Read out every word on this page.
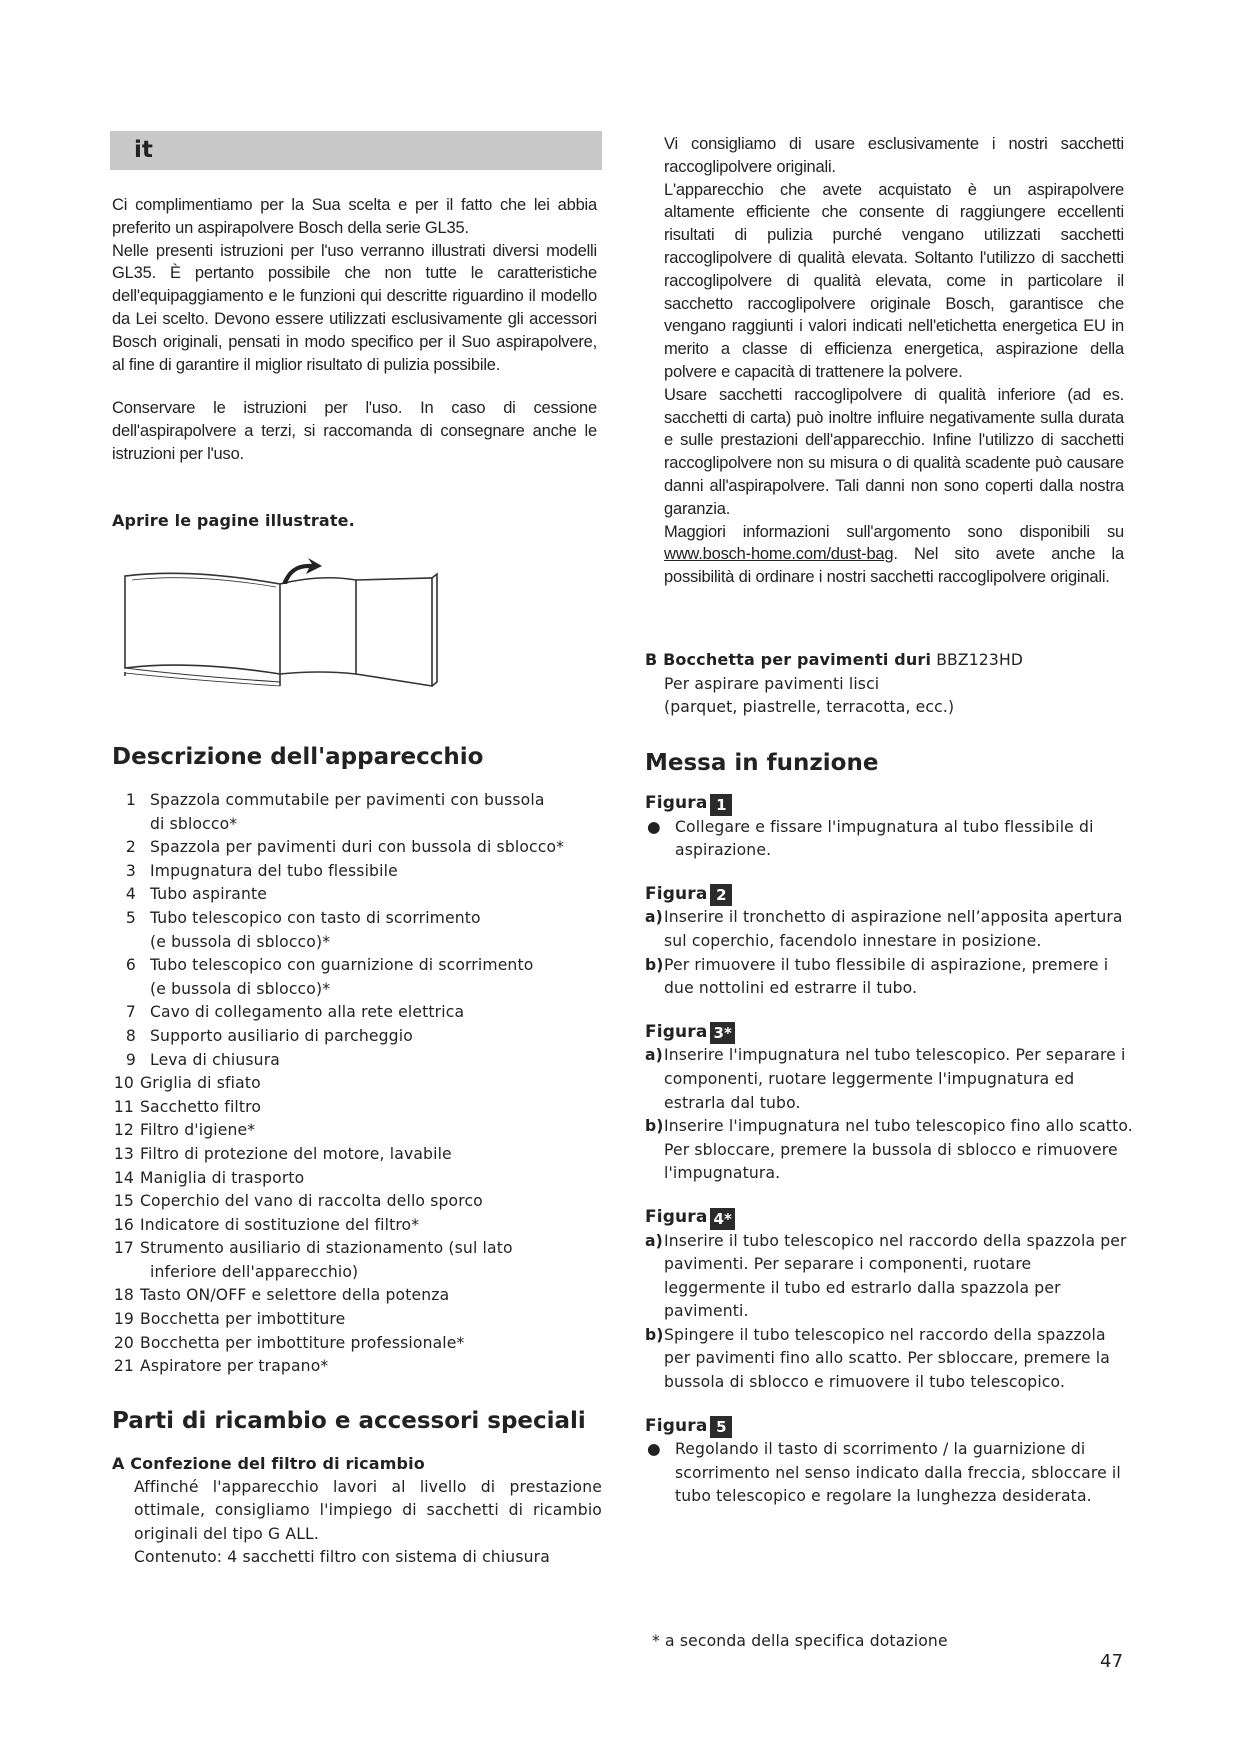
it

Ci complimentiamo per la Sua scelta e per il fatto che lei abbia preferito un aspirapolvere Bosch della serie GL35.

Nelle presenti istruzioni per l'uso verranno illustrati diversi modelli GL35. È pertanto possibile che non tutte le caratteristiche dell'equipaggiamento e le funzioni qui descritte riguardino il modello da Lei scelto. Devono essere utilizzati esclusivamente gli accessori Bosch originali, pensati in modo specifico per il Suo aspirapolvere, al fine di garantire il miglior risultato di pulizia possibile.

Conservare le istruzioni per l'uso. In caso di cessione dell'aspirapolvere a terzi, si raccomanda di consegnare anche le istruzioni per l'uso.

Aprire le pagine illustrate.
Descrizione dell'apparecchio
1 Spazzola commutabile per pavimenti con bussola
di sblocco*
2 Spazzola per pavimenti duri con bussola di sblocco*
3 Impugnatura del tubo flessibile
4 Tubo aspirante
5 Tubo telescopico con tasto di scorrimento
(e bussola di sblocco)*
6 Tubo telescopico con guarnizione di scorrimento
(e bussola di sblocco)*
7 Cavo di collegamento alla rete elettrica
8 Supporto ausiliario di parcheggio
9 Leva di chiusura
10 Griglia di sfiato
11 Sacchetto filtro
12 Filtro d'igiene*
13 Filtro di protezione del motore, lavabile
14 Maniglia di trasporto
15 Coperchio del vano di raccolta dello sporco
16 Indicatore di sostituzione del filtro*
17 Strumento ausiliario di stazionamento (sul lato
inferiore dell'apparecchio)
18 Tasto ON/OFF e selettore della potenza
19 Bocchetta per imbottiture
20 Bocchetta per imbottiture professionale*
21 Aspiratore per trapano*
Parti di ricambio e accessori speciali
A Confezione del filtro di ricambio
Affinché l'apparecchio lavori al livello di prestazione ottimale, consigliamo l'impiego di sacchetti di ricambio originali del tipo G ALL.
Contenuto: 4 sacchetti filtro con sistema di chiusura

Vi consigliamo di usare esclusivamente i nostri sacchetti raccoglipolvere originali.

L'apparecchio che avete acquistato è un aspirapolvere altamente efficiente che consente di raggiungere eccellenti risultati di pulizia purché vengano utilizzati sacchetti raccoglipolvere di qualità elevata. Soltanto l'utilizzo di sacchetti raccoglipolvere di qualità elevata, come in particolare il sacchetto raccoglipolvere originale Bosch, garantisce che vengano raggiunti i valori indicati nell'etichetta energetica EU in merito a classe di efficienza energetica, aspirazione della polvere e capacità di trattenere la polvere.

Usare sacchetti raccoglipolvere di qualità inferiore (ad es. sacchetti di carta) può inoltre influire negativamente sulla durata e sulle prestazioni dell'apparecchio. Infine l'utilizzo di sacchetti raccoglipolvere non su misura o di qualità scadente può causare danni all'aspirapolvere. Tali danni non sono coperti dalla nostra garanzia.

Maggiori informazioni sull'argomento sono disponibili su www.bosch-home.com/dust-bag. Nel sito avete anche la possibilità di ordinare i nostri sacchetti raccoglipolvere originali.

B Bocchetta per pavimenti duri BBZ123HD
Per aspirare pavimenti lisci
(parquet, piastrelle, terracotta, ecc.)
Messa in funzione
Figura 1
● Collegare e fissare l'impugnatura al tubo flessibile di aspirazione.
Figura 2
a) Inserire il tronchetto di aspirazione nell’apposita apertura sul coperchio, facendolo innestare in posizione.
b) Per rimuovere il tubo flessibile di aspirazione, premere i due nottolini ed estrarre il tubo.
Figura 3*
a) Inserire l'impugnatura nel tubo telescopico. Per separare i componenti, ruotare leggermente l'impugnatura ed estrarla dal tubo.
b) Inserire l'impugnatura nel tubo telescopico fino allo scatto. Per sbloccare, premere la bussola di sblocco e rimuovere l'impugnatura.
Figura 4*
a) Inserire il tubo telescopico nel raccordo della spazzola per pavimenti. Per separare i componenti, ruotare leggermente il tubo ed estrarlo dalla spazzola per pavimenti.
b) Spingere il tubo telescopico nel raccordo della spazzola per pavimenti fino allo scatto. Per sbloccare, premere la bussola di sblocco e rimuovere il tubo telescopico.
Figura 5
● Regolando il tasto di scorrimento / la guarnizione di scorrimento nel senso indicato dalla freccia, sbloccare il tubo telescopico e regolare la lunghezza desiderata.
* a seconda della specifica dotazione
47
